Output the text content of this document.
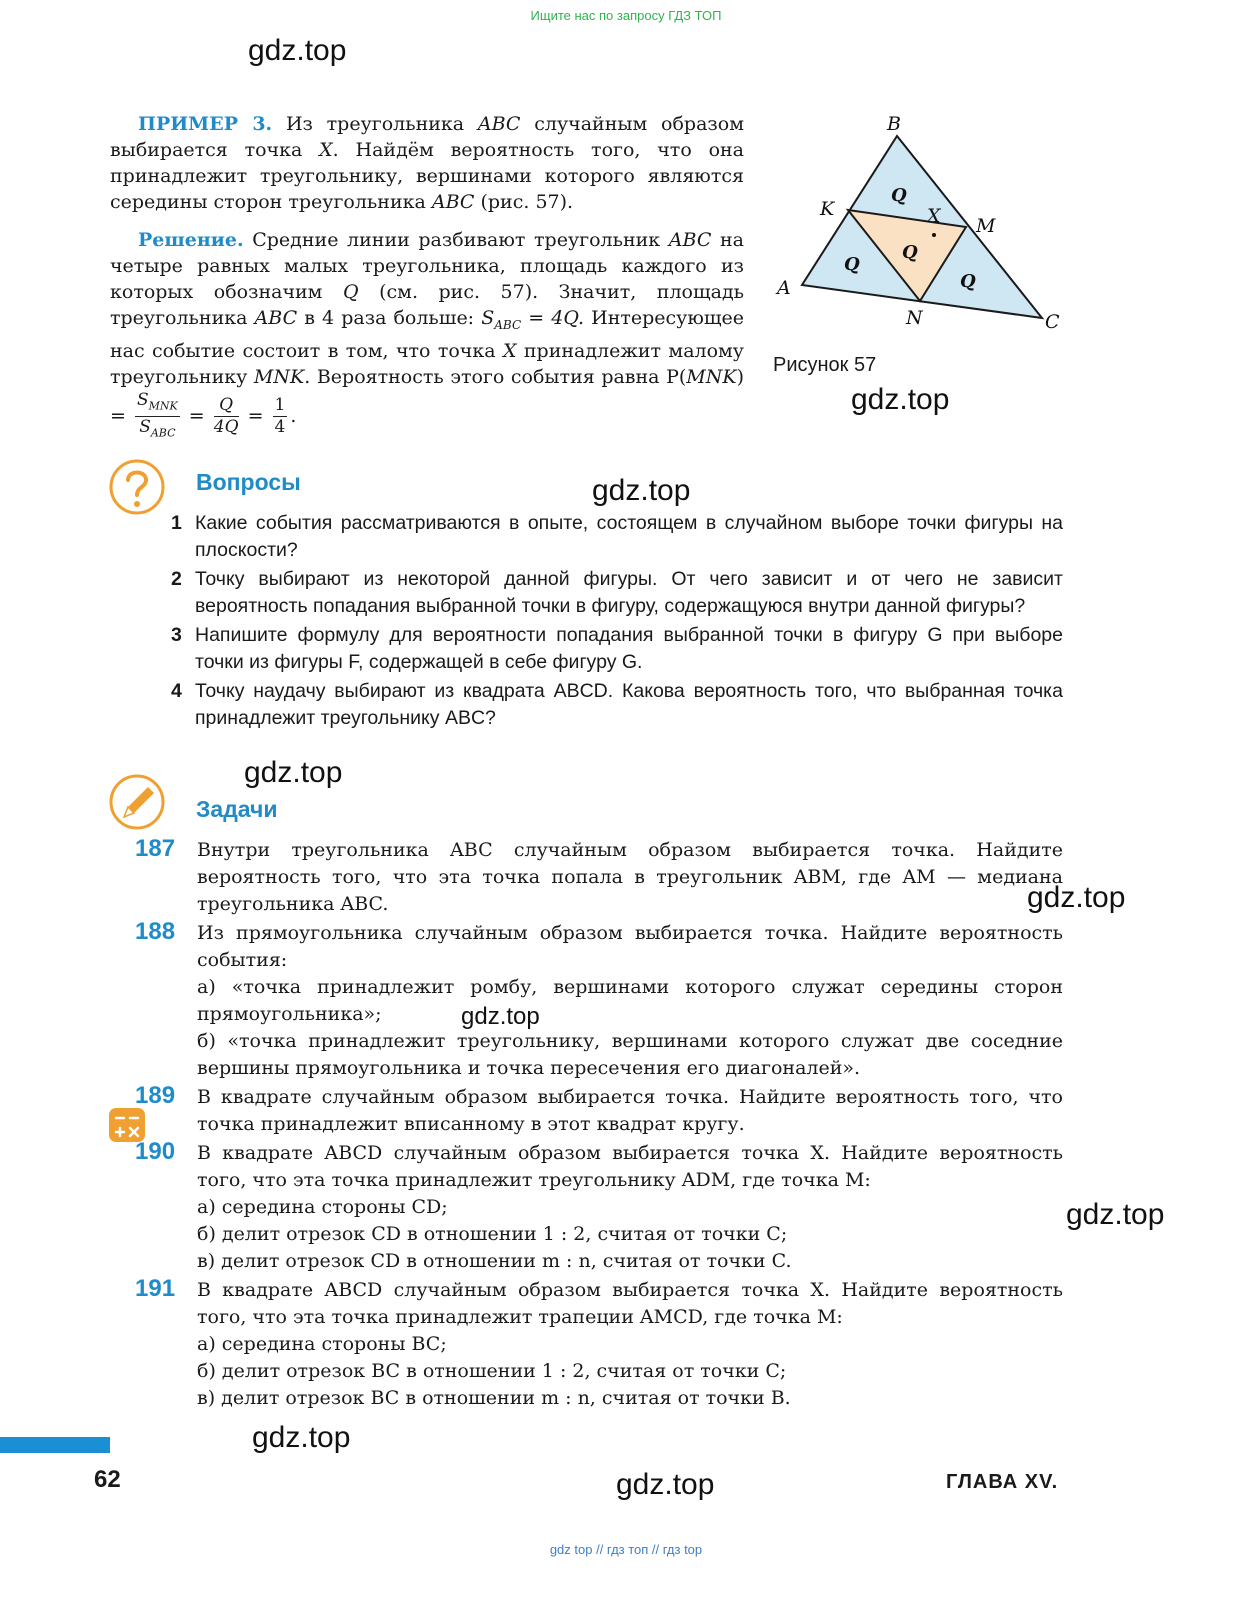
Ищите нас по запросу ГДЗ ТОП
gdz.top
gdz.top
gdz.top
gdz.top
gdz.top
gdz.top
gdz.top
gdz.top
gdz.top
ПРИМЕР 3. Из треугольника ABC случайным образом выбирается точка X. Найдём вероятность того, что она принадлежит треугольнику, вершинами которого являются середины сторон треугольника ABC (рис. 57).
Решение. Средние линии разбивают треугольник ABC на четыре равных малых треугольника, площадь каждого из которых обозначим Q (см. рис. 57). Значит, площадь треугольника ABC в 4 раза больше: $S_{ABC} = 4Q$. Интересующее нас событие состоит в том, что точка X принадлежит малому треугольнику MNK. Вероятность этого события равна $P(MNK) = \frac{S_{MNK}}{S_{ABC}} = \frac{Q}{4Q} = \frac{1}{4}$ .
B
K
M
A
N	C
X
Q
Q
Q
Q
Рисунок 57
Вопросы
1 Какие события рассматриваются в опыте, состоящем в случайном выборе точки фигуры на плоскости?
2 Точку выбирают из некоторой данной фигуры. От чего зависит и от чего не зависит вероятность попадания выбранной точки в фигуру, содержащуюся внутри данной фигуры?
3 Напишите формулу для вероятности попадания выбранной точки в фигуру G при выборе точки из фигуры F, содержащей в себе фигуру G.
4 Точку наудачу выбирают из квадрата ABCD. Какова вероятность того, что выбранная точка принадлежит треугольнику ABC?
Задачи
187 Внутри треугольника ABC случайным образом выбирается точка. Найдите вероятность того, что эта точка попала в треугольник ABM, где AM — медиана треугольника ABC.
188 Из прямоугольника случайным образом выбирается точка. Найдите вероятность события:
а) «точка принадлежит ромбу, вершинами которого служат середины сторон прямоугольника»;
б) «точка принадлежит треугольнику, вершинами которого служат две соседние вершины прямоугольника и точка пересечения его диагоналей».
189 В квадрате случайным образом выбирается точка. Найдите вероятность того, что точка принадлежит вписанному в этот квадрат кругу.
190 В квадрате ABCD случайным образом выбирается точка X. Найдите вероятность того, что эта точка принадлежит треугольнику ADM, где точка M:
а) середина стороны CD;
б) делит отрезок CD в отношении 1 : 2, считая от точки C;
в) делит отрезок CD в отношении m : n, считая от точки C.
191 В квадрате ABCD случайным образом выбирается точка X. Найдите вероятность того, что эта точка принадлежит трапеции AMCD, где точка M:
а) середина стороны BC;
б) делит отрезок BC в отношении 1 : 2, считая от точки C;
в) делит отрезок BC в отношении m : n, считая от точки B.
62	ГЛАВА XV.
gdz top // гдз топ // гдз top
